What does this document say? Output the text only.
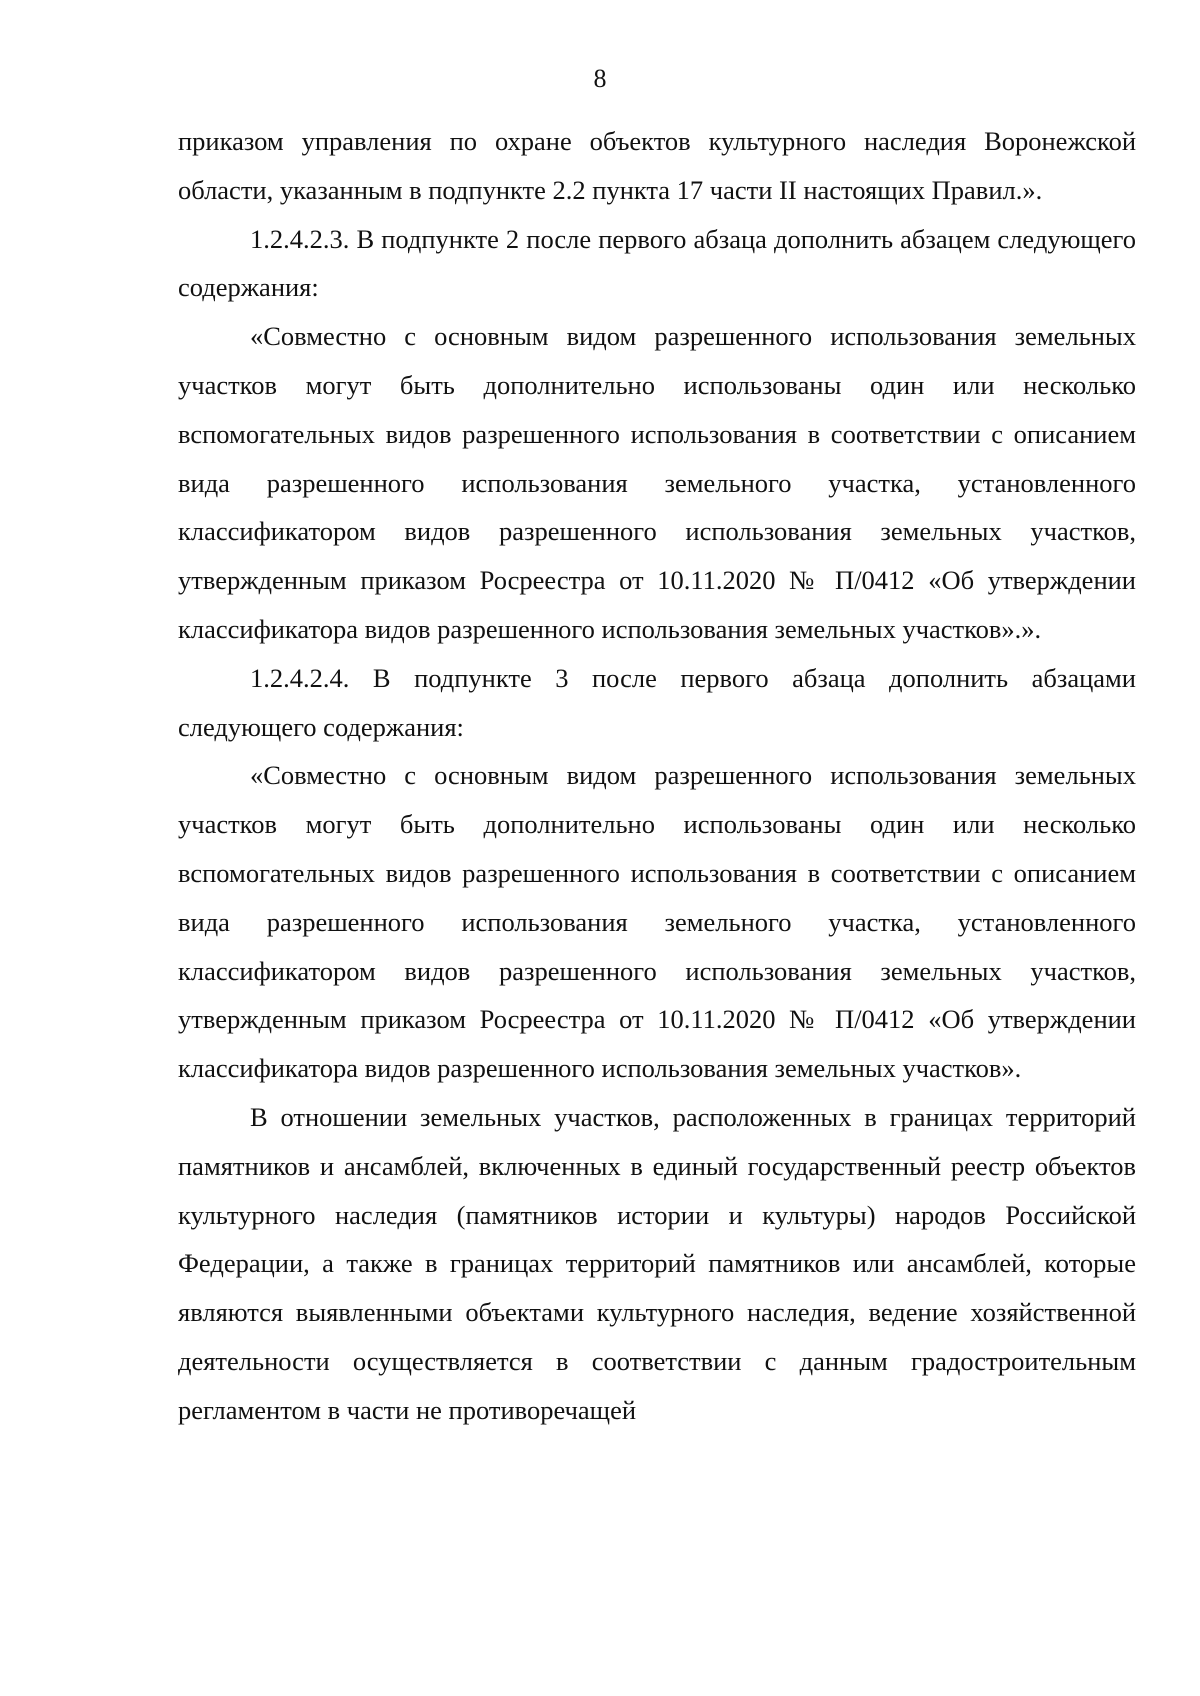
8

приказом управления по охране объектов культурного наследия Воронежской области, указанным в подпункте 2.2 пункта 17 части II настоящих Правил.».

1.2.4.2.3. В подпункте 2 после первого абзаца дополнить абзацем следующего содержания:

«Совместно с основным видом разрешенного использования земельных участков могут быть дополнительно использованы один или несколько вспомогательных видов разрешенного использования в соответствии с описанием вида разрешенного использования земельного участка, установленного классификатором видов разрешенного использования земельных участков, утвержденным приказом Росреестра от 10.11.2020 № П/0412 «Об утверждении классификатора видов разрешенного использования земельных участков».».

1.2.4.2.4. В подпункте 3 после первого абзаца дополнить абзацами следующего содержания:

«Совместно с основным видом разрешенного использования земельных участков могут быть дополнительно использованы один или несколько вспомогательных видов разрешенного использования в соответствии с описанием вида разрешенного использования земельного участка, установленного классификатором видов разрешенного использования земельных участков, утвержденным приказом Росреестра от 10.11.2020 № П/0412 «Об утверждении классификатора видов разрешенного использования земельных участков».

В отношении земельных участков, расположенных в границах территорий памятников и ансамблей, включенных в единый государственный реестр объектов культурного наследия (памятников истории и культуры) народов Российской Федерации, а также в границах территорий памятников или ансамблей, которые являются выявленными объектами культурного наследия, ведение хозяйственной деятельности осуществляется в соответствии с данным градостроительным регламентом в части не противоречащей
